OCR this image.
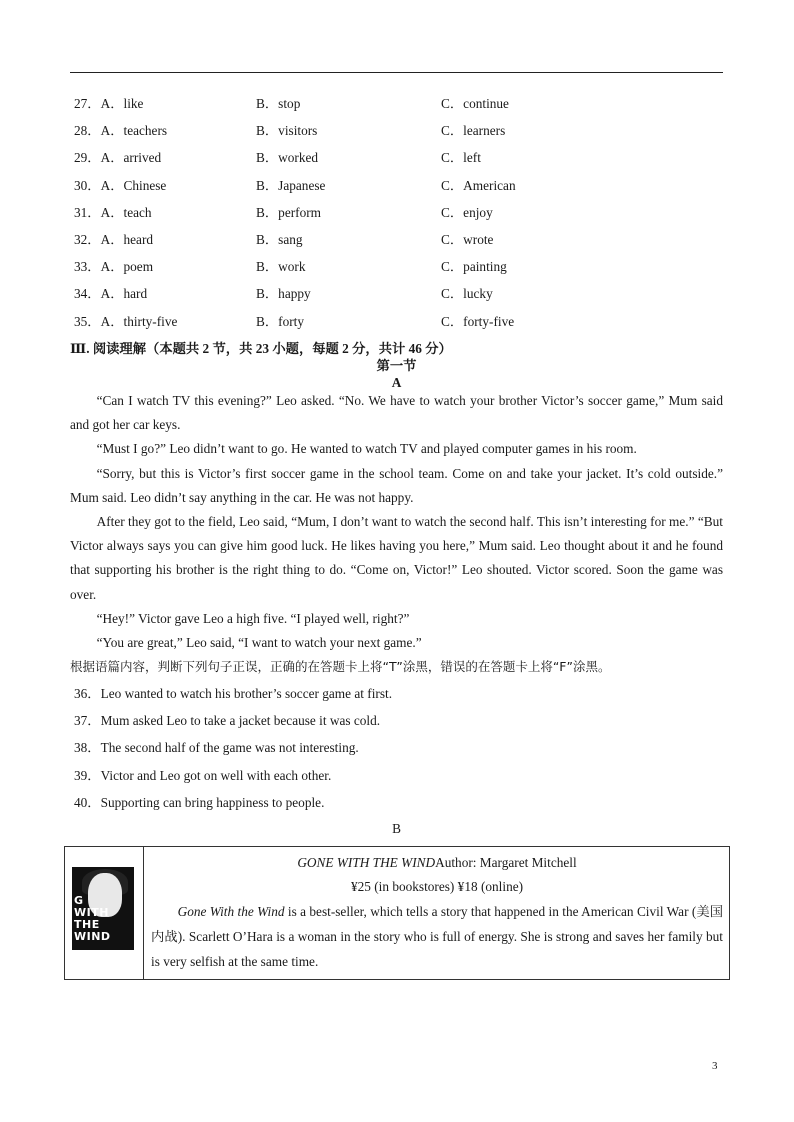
27．A．like	B．stop	C．continue
28．A．teachers	B．visitors	C．learners
29．A．arrived	B．worked	C．left
30．A．Chinese	B．Japanese	C．American
31．A．teach	B．perform	C．enjoy
32．A．heard	B．sang	C．wrote
33．A．poem	B．work	C．painting
34．A．hard	B．happy	C．lucky
35．A．thirty-five	B．forty	C．forty-five
Ⅲ. 阅读理解（本题共 2 节，共 23 小题，每题 2 分，共计 46 分）
第一节
A

“Can I watch TV this evening?” Leo asked. “No. We have to watch your brother Victor’s soccer game,” Mum said and got her car keys.

“Must I go?” Leo didn’t want to go. He wanted to watch TV and played computer games in his room.

“Sorry, but this is Victor’s first soccer game in the school team. Come on and take your jacket. It’s cold outside.” Mum said. Leo didn’t say anything in the car. He was not happy.

After they got to the field, Leo said, “Mum, I don’t want to watch the second half. This isn’t interesting for me.” “But Victor always says you can give him good luck. He likes having you here,” Mum said. Leo thought about it and he found that supporting his brother is the right thing to do. “Come on, Victor!” Leo shouted. Victor scored. Soon the game was over.

“Hey!” Victor gave Leo a high five. “I played well, right?”

“You are great,” Leo said, “I want to watch your next game.”

根据语篇内容，判断下列句子正误，正确的在答题卡上将“T”涂黑，错误的在答题卡上将“F”涂黑。
36．Leo wanted to watch his brother’s soccer game at first.
37．Mum asked Leo to take a jacket because it was cold.
38．The second half of the game was not interesting.
39．Victor and Leo got on well with each other.
40．Supporting can bring happiness to people.
B
G
WITH
THE
WIND
GONE WITH THE WINDAuthor: Margaret Mitchell
¥25 (in bookstores) ¥18 (online)

Gone With the Wind is a best-seller, which tells a story that happened in the American Civil War (美国内战). Scarlett O’Hara is a woman in the story who is full of energy. She is strong and saves her family but is very selfish at the same time.

3
